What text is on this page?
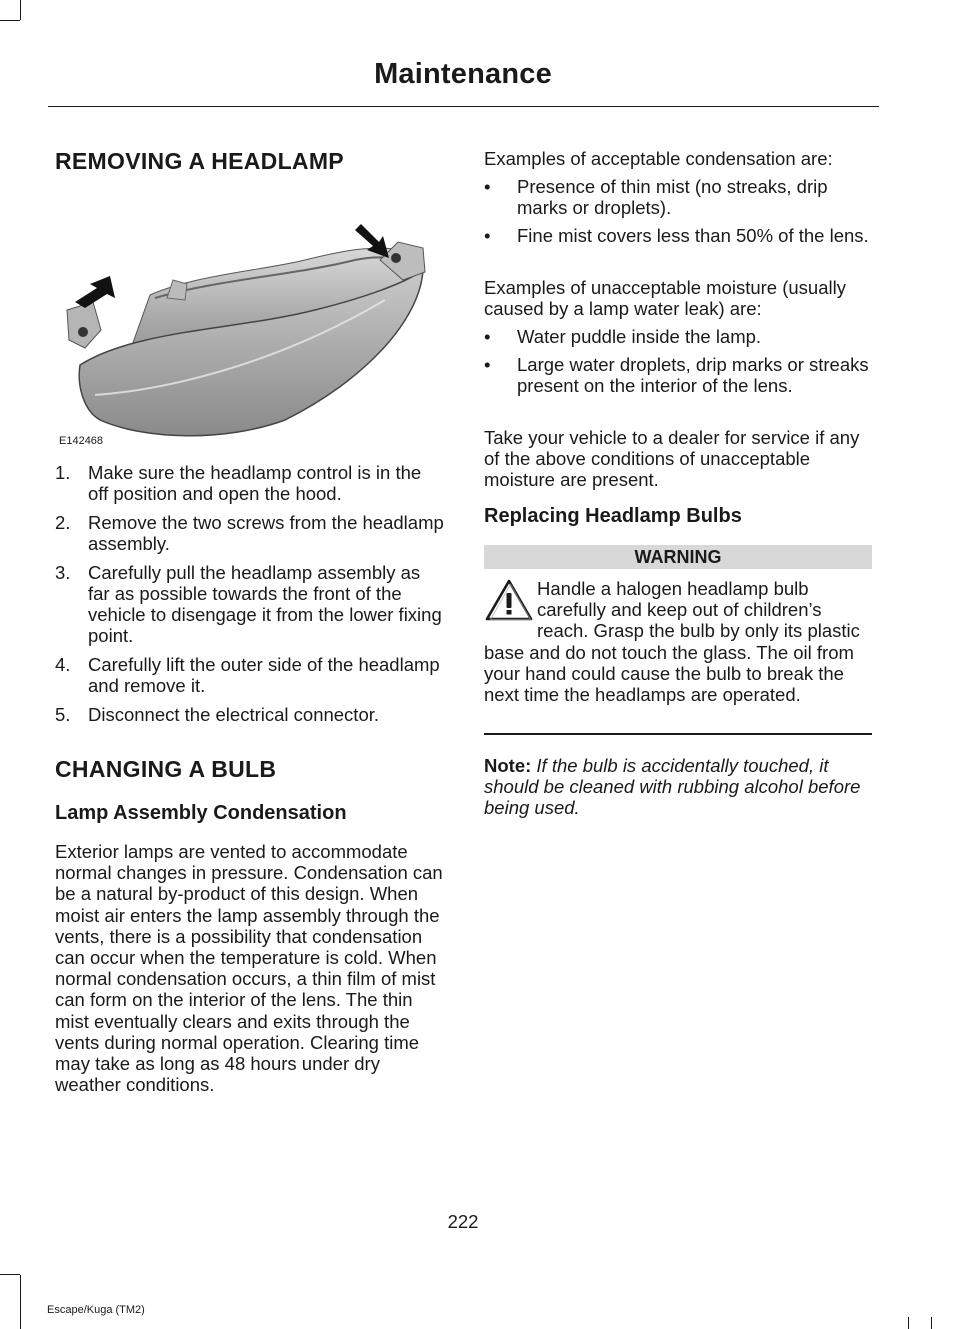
Maintenance
REMOVING A HEADLAMP
E142468
1. Make sure the headlamp control is in the off position and open the hood.
2. Remove the two screws from the headlamp assembly.
3. Carefully pull the headlamp assembly as far as possible towards the front of the vehicle to disengage it from the lower fixing point.
4. Carefully lift the outer side of the headlamp and remove it.
5. Disconnect the electrical connector.
CHANGING A BULB
Lamp Assembly Condensation
Exterior lamps are vented to accommodate normal changes in pressure. Condensation can be a natural by-product of this design. When moist air enters the lamp assembly through the vents, there is a possibility that condensation can occur when the temperature is cold. When normal condensation occurs, a thin film of mist can form on the interior of the lens. The thin mist eventually clears and exits through the vents during normal operation. Clearing time may take as long as 48 hours under dry weather conditions.
Examples of acceptable condensation are:
• Presence of thin mist (no streaks, drip marks or droplets).
• Fine mist covers less than 50% of the lens.
Examples of unacceptable moisture (usually caused by a lamp water leak) are:
• Water puddle inside the lamp.
• Large water droplets, drip marks or streaks present on the interior of the lens.
Take your vehicle to a dealer for service if any of the above conditions of unacceptable moisture are present.
Replacing Headlamp Bulbs
WARNING
Handle a halogen headlamp bulb carefully and keep out of children’s reach. Grasp the bulb by only its plastic base and do not touch the glass. The oil from your hand could cause the bulb to break the next time the headlamps are operated.
Note: If the bulb is accidentally touched, it should be cleaned with rubbing alcohol before being used.
222
Escape/Kuga (TM2)
